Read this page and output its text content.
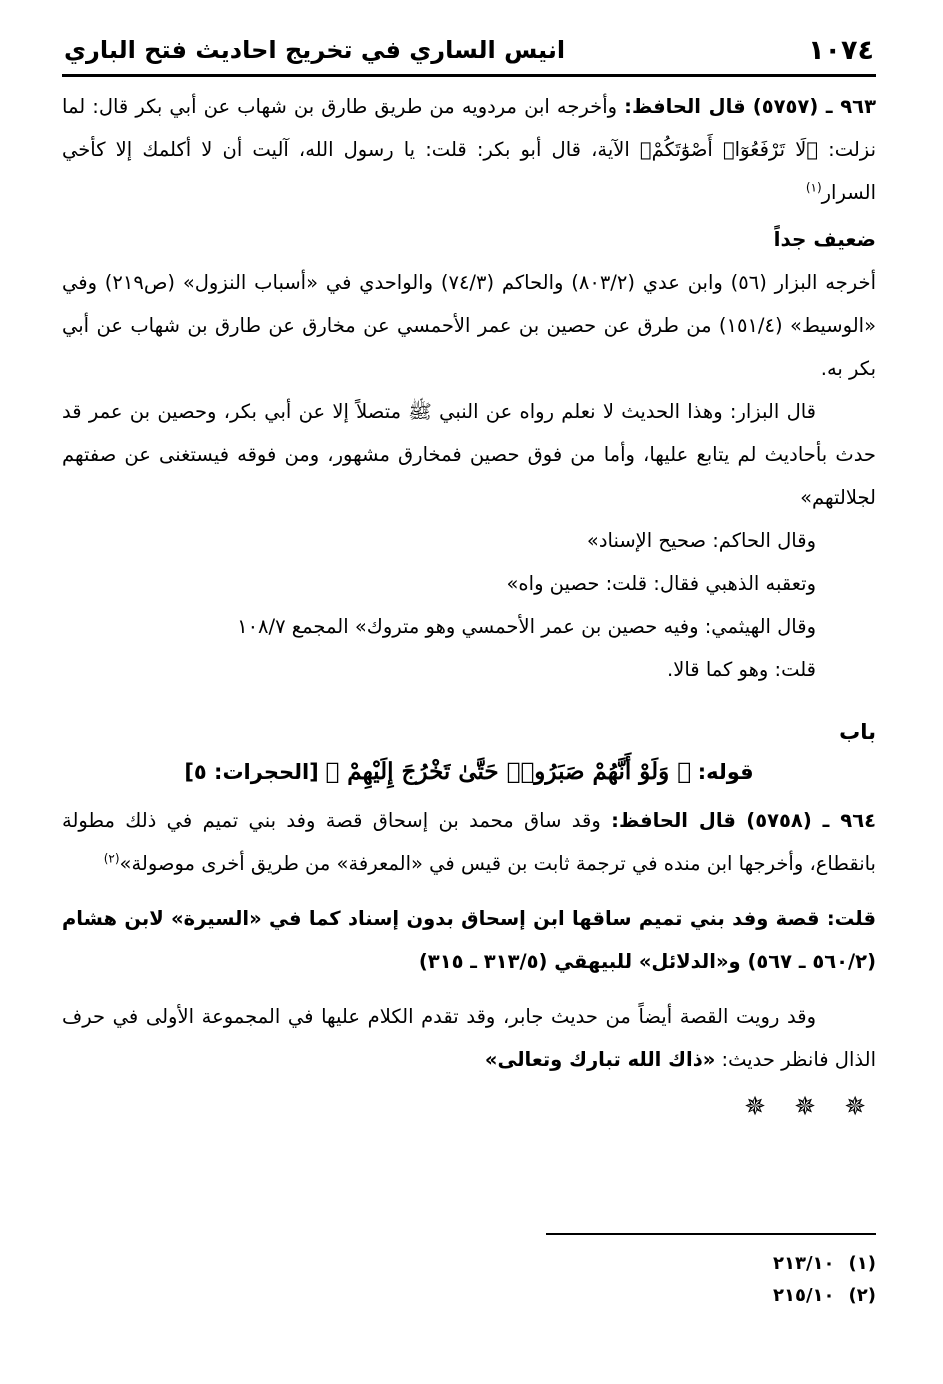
١٠٧٤
انيس الساري في تخريج احاديث فتح الباري

٩٦٣ ـ (٥٧٥٧) قال الحافظ: وأخرجه ابن مردويه من طريق طارق بن شهاب عن أبي بكر قال: لما نزلت: ﴿لَا تَرْفَعُوٓا۟ أَصْوَٰتَكُمْ﴾ الآية، قال أبو بكر: قلت: يا رسول الله، آليت أن لا أكلمك إلا كأخي السرار$^{(١)}$

ضعيف جداً

أخرجه البزار (٥٦) وابن عدي (٨٠٣/٢) والحاكم (٧٤/٣) والواحدي في «أسباب النزول» (ص٢١٩) وفي «الوسيط» (١٥١/٤) من طرق عن حصين بن عمر الأحمسي عن مخارق عن طارق بن شهاب عن أبي بكر به.

قال البزار: وهذا الحديث لا نعلم رواه عن النبي ﷺ متصلاً إلا عن أبي بكر، وحصين بن عمر قد حدث بأحاديث لم يتابع عليها، وأما من فوق حصين فمخارق مشهور، ومن فوقه فيستغنى عن صفتهم لجلالتهم»

وقال الحاكم: صحيح الإسناد»

وتعقبه الذهبي فقال: قلت: حصين واه»

وقال الهيثمي: وفيه حصين بن عمر الأحمسي وهو متروك» المجمع ١٠٨/٧

قلت: وهو كما قالا.

باب
قوله: ﴿ وَلَوْ أَنَّهُمْ صَبَرُوا۟ حَتَّىٰ تَخْرُجَ إِلَيْهِمْ ﴾ [الحجرات: ٥]

٩٦٤ ـ (٥٧٥٨) قال الحافظ: وقد ساق محمد بن إسحاق قصة وفد بني تميم في ذلك مطولة بانقطاع، وأخرجها ابن منده في ترجمة ثابت بن قيس في «المعرفة» من طريق أخرى موصولة»$^{(٢)}$

قلت: قصة وفد بني تميم ساقها ابن إسحاق بدون إسناد كما في «السيرة» لابن هشام (٥٦٠/٢ ـ ٥٦٧) و«الدلائل» للبيهقي (٣١٣/٥ ـ ٣١٥)

وقد رويت القصة أيضاً من حديث جابر، وقد تقدم الكلام عليها في المجموعة الأولى في حرف الذال فانظر حديث: «ذاك الله تبارك وتعالى»

✵ ✵ ✵
(١)
٢١٣/١٠
(٢)
٢١٥/١٠
